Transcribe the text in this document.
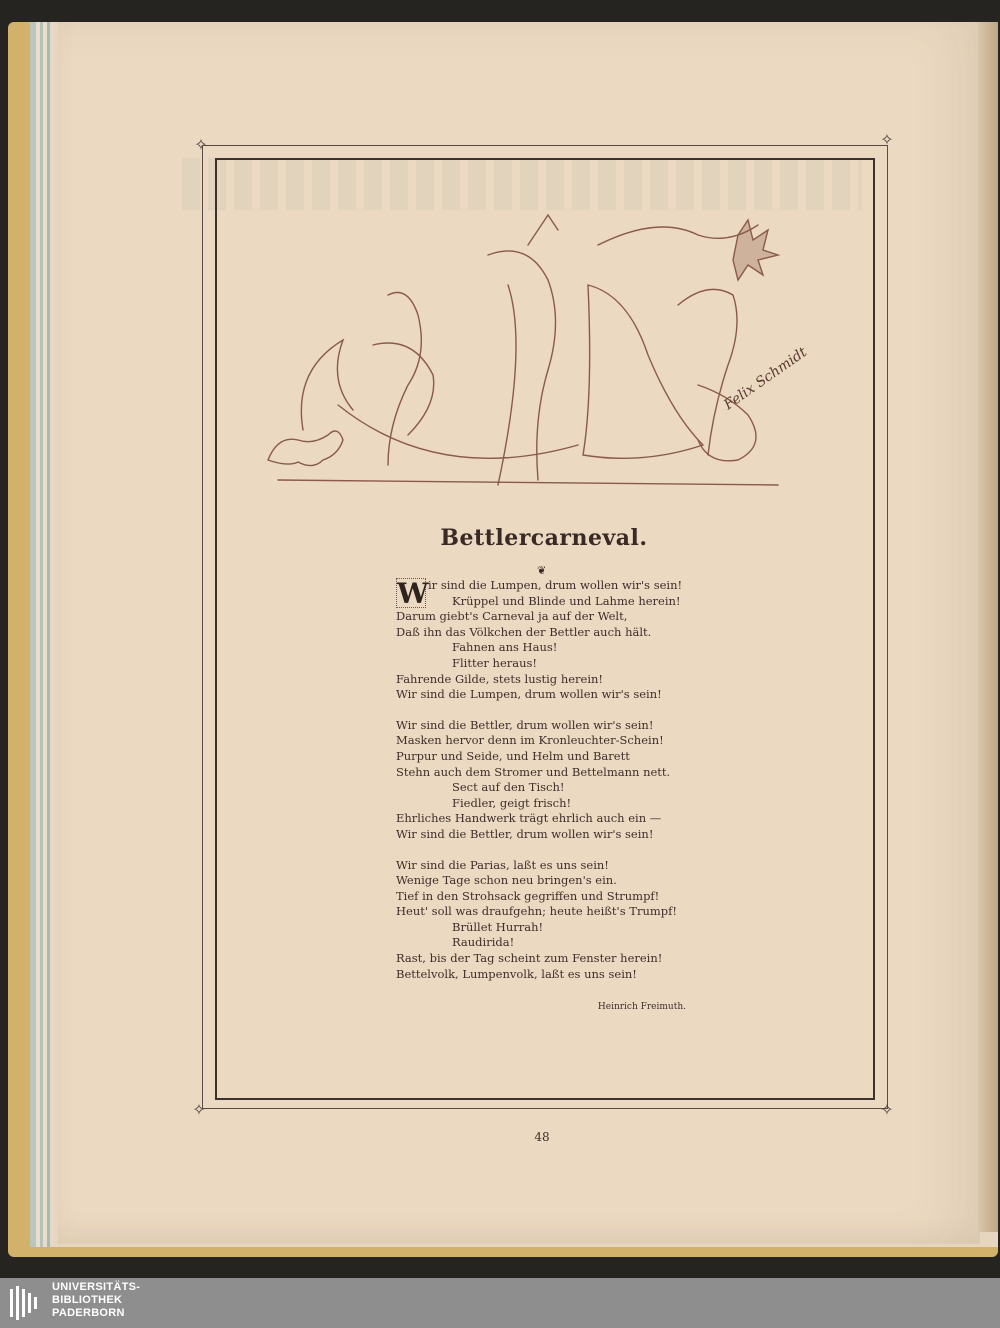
✧	✧
✧	✧
Felix Schmidt
Bettlercarneval.
❦
W ir sind die Lumpen, drum wollen wir's sein!
Krüppel und Blinde und Lahme herein!
Darum giebt's Carneval ja auf der Welt,
Daß ihn das Völkchen der Bettler auch hält.
Fahnen ans Haus!
Flitter heraus!
Fahrende Gilde, stets lustig herein!
Wir sind die Lumpen, drum wollen wir's sein!
Wir sind die Bettler, drum wollen wir's sein!
Masken hervor denn im Kronleuchter-Schein!
Purpur und Seide, und Helm und Barett
Stehn auch dem Stromer und Bettelmann nett.
Sect auf den Tisch!
Fiedler, geigt frisch!
Ehrliches Handwerk trägt ehrlich auch ein —
Wir sind die Bettler, drum wollen wir's sein!
Wir sind die Parias, laßt es uns sein!
Wenige Tage schon neu bringen's ein.
Tief in den Strohsack gegriffen und Strumpf!
Heut' soll was draufgehn; heute heißt's Trumpf!
Brüllet Hurrah!
Raudirida!
Rast, bis der Tag scheint zum Fenster herein!
Bettelvolk, Lumpenvolk, laßt es uns sein!
Heinrich Freimuth.
48
UNIVERSITÄTS-
BIBLIOTHEK
PADERBORN
